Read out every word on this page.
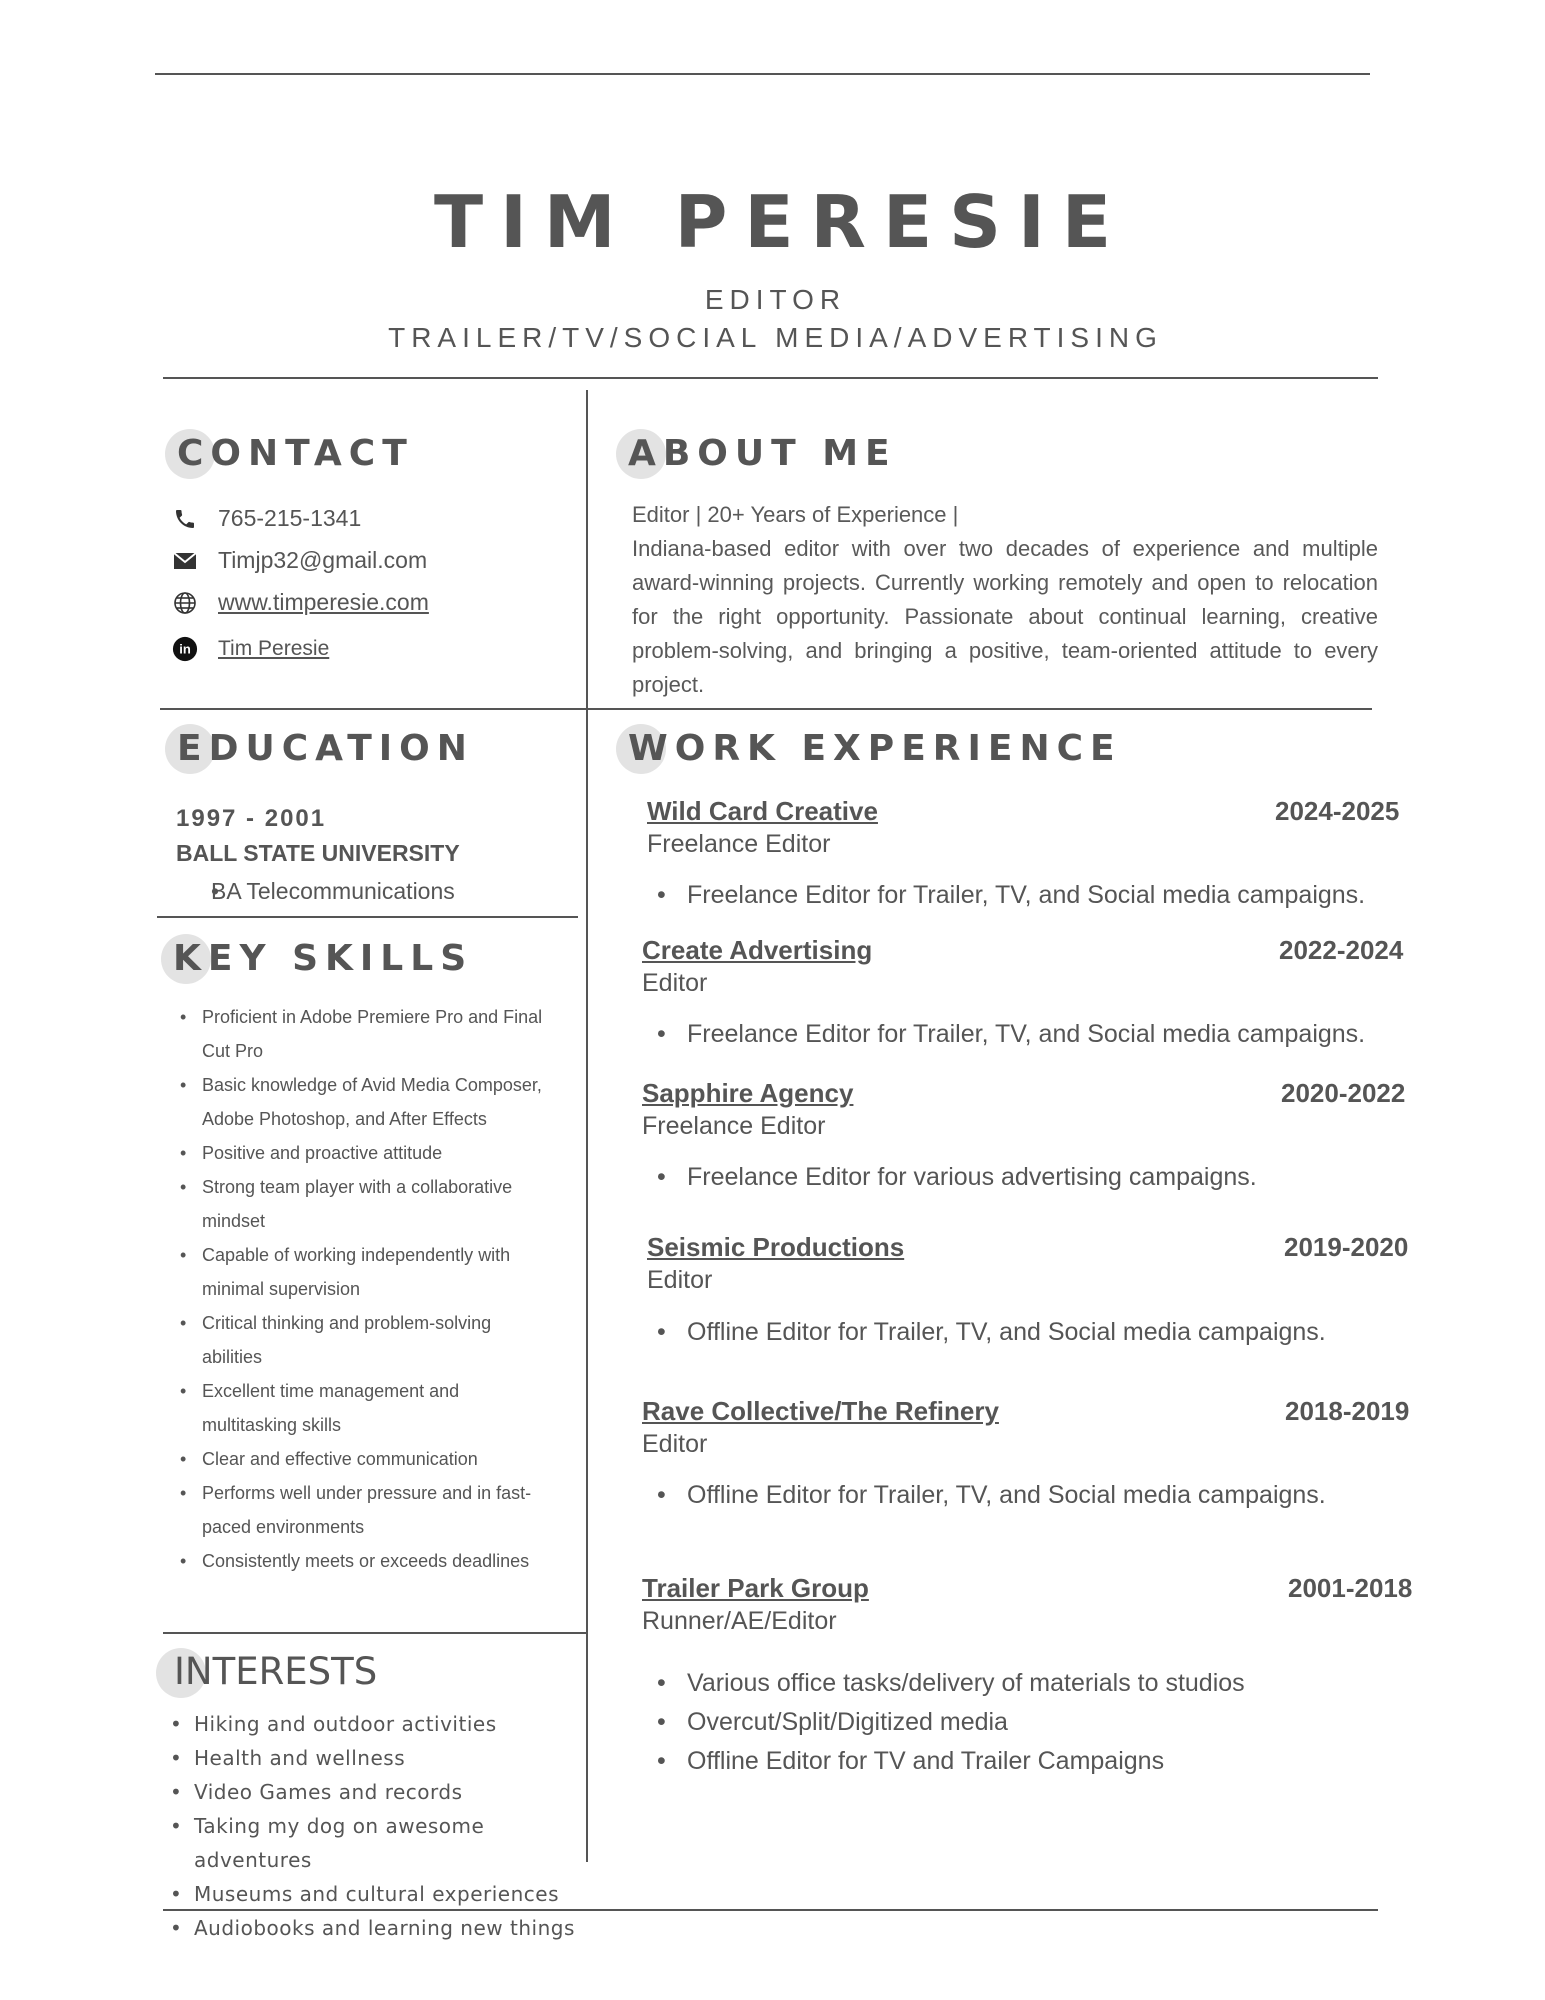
TIM PERESIE
EDITOR
TRAILER/TV/SOCIAL MEDIA/ADVERTISING
CONTACT
765-215-1341
Timjp32@gmail.com
www.timperesie.com
in Tim Peresie
ABOUT ME
Editor | 20+ Years of Experience |
Indiana-based editor with over two decades of experience and multiple award-winning projects. Currently working remotely and open to relocation for the right opportunity. Passionate about continual learning, creative problem-solving, and bringing a positive, team-oriented attitude to every project.
EDUCATION
1997 - 2001
BALL STATE UNIVERSITY
• BA Telecommunications
KEY SKILLS
• Proficient in Adobe Premiere Pro and Final Cut Pro
• Basic knowledge of Avid Media Composer, Adobe Photoshop, and After Effects
• Positive and proactive attitude
• Strong team player with a collaborative mindset
• Capable of working independently with minimal supervision
• Critical thinking and problem-solving abilities
• Excellent time management and multitasking skills
• Clear and effective communication
• Performs well under pressure and in fast-paced environments
• Consistently meets or exceeds deadlines
INTERESTS
• Hiking and outdoor activities
• Health and wellness
• Video Games and records
• Taking my dog on awesome adventures
• Museums and cultural experiences
• Audiobooks and learning new things
WORK EXPERIENCE
Wild Card Creative	2024-2025
Freelance Editor
• Freelance Editor for Trailer, TV, and Social media campaigns.
Create Advertising	2022-2024
Editor
• Freelance Editor for Trailer, TV, and Social media campaigns.
Sapphire Agency	2020-2022
Freelance Editor
• Freelance Editor for various advertising campaigns.
Seismic Productions	2019-2020
Editor
• Offline Editor for Trailer, TV, and Social media campaigns.
Rave Collective/The Refinery	2018-2019
Editor
• Offline Editor for Trailer, TV, and Social media campaigns.
Trailer Park Group	2001-2018
Runner/AE/Editor
• Various office tasks/delivery of materials to studios
• Overcut/Split/Digitized media
• Offline Editor for TV and Trailer Campaigns
